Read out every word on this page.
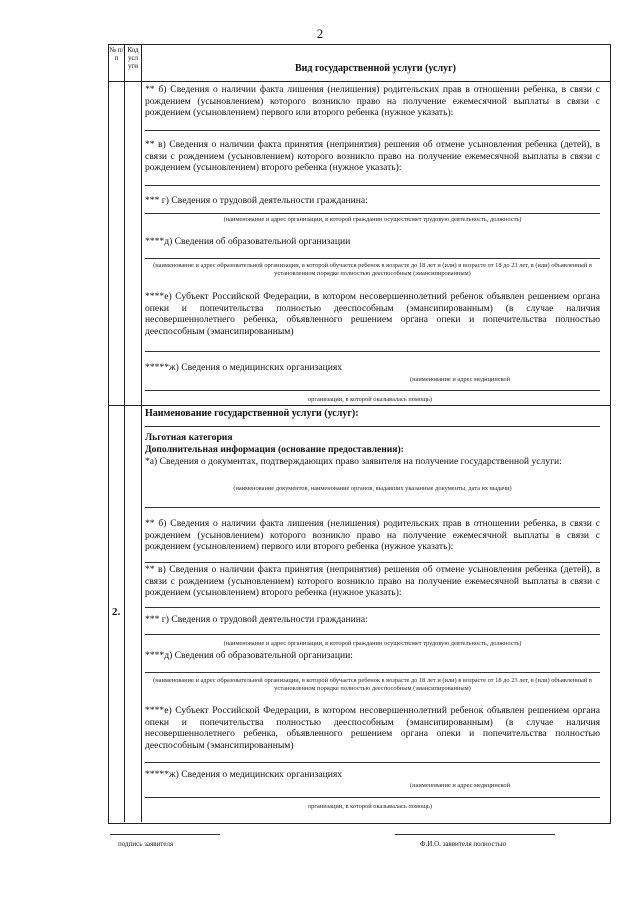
2
№ п/ п
Код усл уги	Вид государственной услуги (услуг)
** б) Сведения о наличии факта лишения (нелишения) родительских прав в отношении ребенка, в связи с рождением (усыновлением) которого возникло право на получение ежемесячной выплаты в связи с рождением (усыновлением) первого или второго ребенка (нужное указать):
** в) Сведения о наличии факта принятия (непринятия) решения об отмене усыновления ребенка (детей), в связи с рождением (усыновлением) которого возникло право на получение ежемесячной выплаты в связи с рождением (усыновлением) второго ребенка (нужное указать):
*** г) Сведения о трудовой деятельности гражданина:
(наименование и адрес организации, в которой гражданин осуществляет трудовую деятельность, должность)
****д) Сведения об образовательной организации
(наименование и адрес образовательной организации, в которой обучается ребенок в возрасте до 18 лет и (или) в возрасте от 18 до 23 лет, в (или) объявленный в установленном порядке полностью дееспособным (эмансипированным)
****е) Субъект Российской Федерации, в котором несовершеннолетний ребенок объявлен решением органа опеки и попечительства полностью дееспособным (эмансипированным) (в случае наличия несовершеннолетнего ребенка, объявленного решением органа опеки и попечительства полностью дееспособным (эмансипированным)
*****ж) Сведения о медицинских организациях
(наименование и адрес медицинской
организации, в которой оказывалась помощь)
2.
Наименование государственной услуги (услуг):
Льготная категория
Дополнительная информация (основание предоставления):
*а) Сведения о документах, подтверждающих право заявителя на получение государственной услуги:
(наименование документов, наименование органов, выдавших указанные документы, дата их выдачи)
** б) Сведения о наличии факта лишения (нелишения) родительских прав в отношении ребенка, в связи с рождением (усыновлением) которого возникло право на получение ежемесячной выплаты в связи с рождением (усыновлением) первого или второго ребенка (нужное указать):
** в) Сведения о наличии факта принятия (непринятия) решения об отмене усыновления ребенка (детей), в связи с рождением (усыновлением) которого возникло право на получение ежемесячной выплаты в связи с рождением (усыновлением) второго ребенка (нужное указать):
*** г) Сведения о трудовой деятельности гражданина:
(наименование и адрес организации, в которой гражданин осуществляет трудовую деятельность, должность)
****д) Сведения об образовательной организации:
(наименование и адрес образовательной организации, в которой обучается ребенок в возрасте до 18 лет и (или) в возрасте от 18 до 23 лет, в (или) объявленный в установленном порядке полностью дееспособным (эмансипированным)
****е) Субъект Российской Федерации, в котором несовершеннолетний ребенок объявлен решением органа опеки и попечительства полностью дееспособным (эмансипированным) (в случае наличия несовершеннолетнего ребенка, объявленного решением органа опеки и попечительства полностью дееспособным (эмансипированным)
*****ж) Сведения о медицинских организациях
(наименование и адрес медицинской
организации, в которой оказывалась помощь)
подпись заявителя	Ф.И.О. заявителя полностью
